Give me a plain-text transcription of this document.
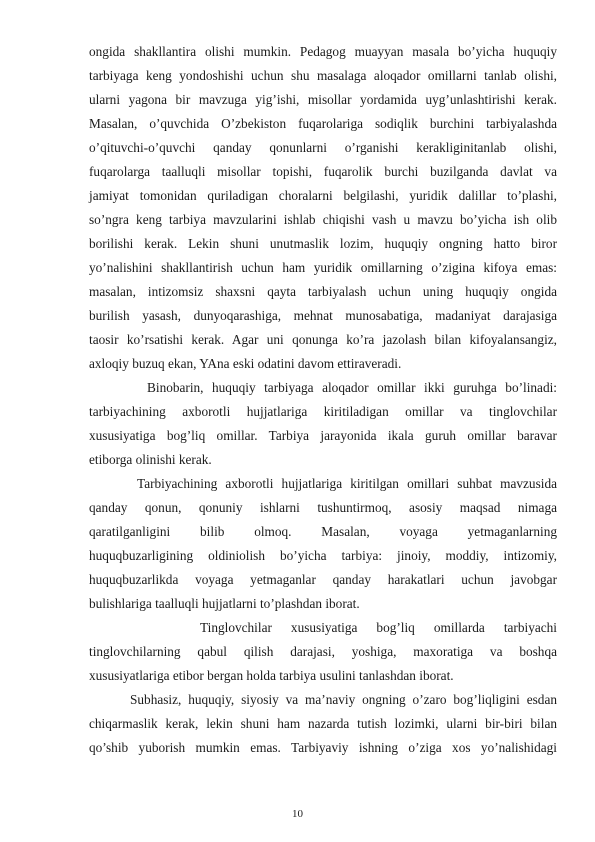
ongida shakllantira olishi mumkin. Pedagog muayyan masala bo’yicha huquqiy
tarbiyaga keng yondoshishi uchun shu masalaga aloqador omillarni tanlab olishi,
ularni yagona bir mavzuga yig’ishi, misollar yordamida uyg’unlashtirishi kerak.
Masalan, o’quvchida O’zbekiston fuqarolariga sodiqlik burchini tarbiyalashda
o’qituvchi-o’quvchi qanday qonunlarni o’rganishi kerakliginitanlab olishi,
fuqarolarga taalluqli misollar topishi, fuqarolik burchi buzilganda davlat va
jamiyat tomonidan quriladigan choralarni belgilashi, yuridik dalillar to’plashi,
so’ngra keng tarbiya mavzularini ishlab chiqishi vash u mavzu bo’yicha ish olib
borilishi kerak. Lekin shuni unutmaslik lozim, huquqiy ongning hatto biror
yo’nalishini shakllantirish uchun ham yuridik omillarning o’zigina kifoya emas:
masalan, intizomsiz shaxsni qayta tarbiyalash uchun uning huquqiy ongida
burilish yasash, dunyoqarashiga, mehnat munosabatiga, madaniyat darajasiga
taosir ko’rsatishi kerak. Agar uni qonunga ko’ra jazolash bilan kifoyalansangiz,
axloqiy buzuq ekan, YAna eski odatini davom ettiraveradi.
Binobarin, huquqiy tarbiyaga aloqador omillar ikki guruhga bo’linadi:
tarbiyachining axborotli hujjatlariga kiritiladigan omillar va tinglovchilar
xususiyatiga bog’liq omillar. Tarbiya jarayonida ikala guruh omillar baravar
etiborga olinishi kerak.
Tarbiyachining axborotli hujjatlariga kiritilgan omillari suhbat mavzusida
qanday qonun, qonuniy ishlarni tushuntirmoq, asosiy maqsad nimaga
qaratilganligini bilib olmoq. Masalan, voyaga yetmaganlarning
huquqbuzarligining oldiniolish bo’yicha tarbiya: jinoiy, moddiy, intizomiy,
huquqbuzarlikda voyaga yetmaganlar qanday harakatlari uchun javobgar
bulishlariga taalluqli hujjatlarni to’plashdan iborat.
Tinglovchilar xususiyatiga bog’liq omillarda tarbiyachi
tinglovchilarning qabul qilish darajasi, yoshiga, maxoratiga va boshqa
xususiyatlariga etibor bergan holda tarbiya usulini tanlashdan iborat.
Subhasiz, huquqiy, siyosiy va ma’naviy ongning o’zaro bog’liqligini esdan
chiqarmaslik kerak, lekin shuni ham nazarda tutish lozimki, ularni bir-biri bilan
qo’shib yuborish mumkin emas. Tarbiyaviy ishning o’ziga xos yo’nalishidagi
10
